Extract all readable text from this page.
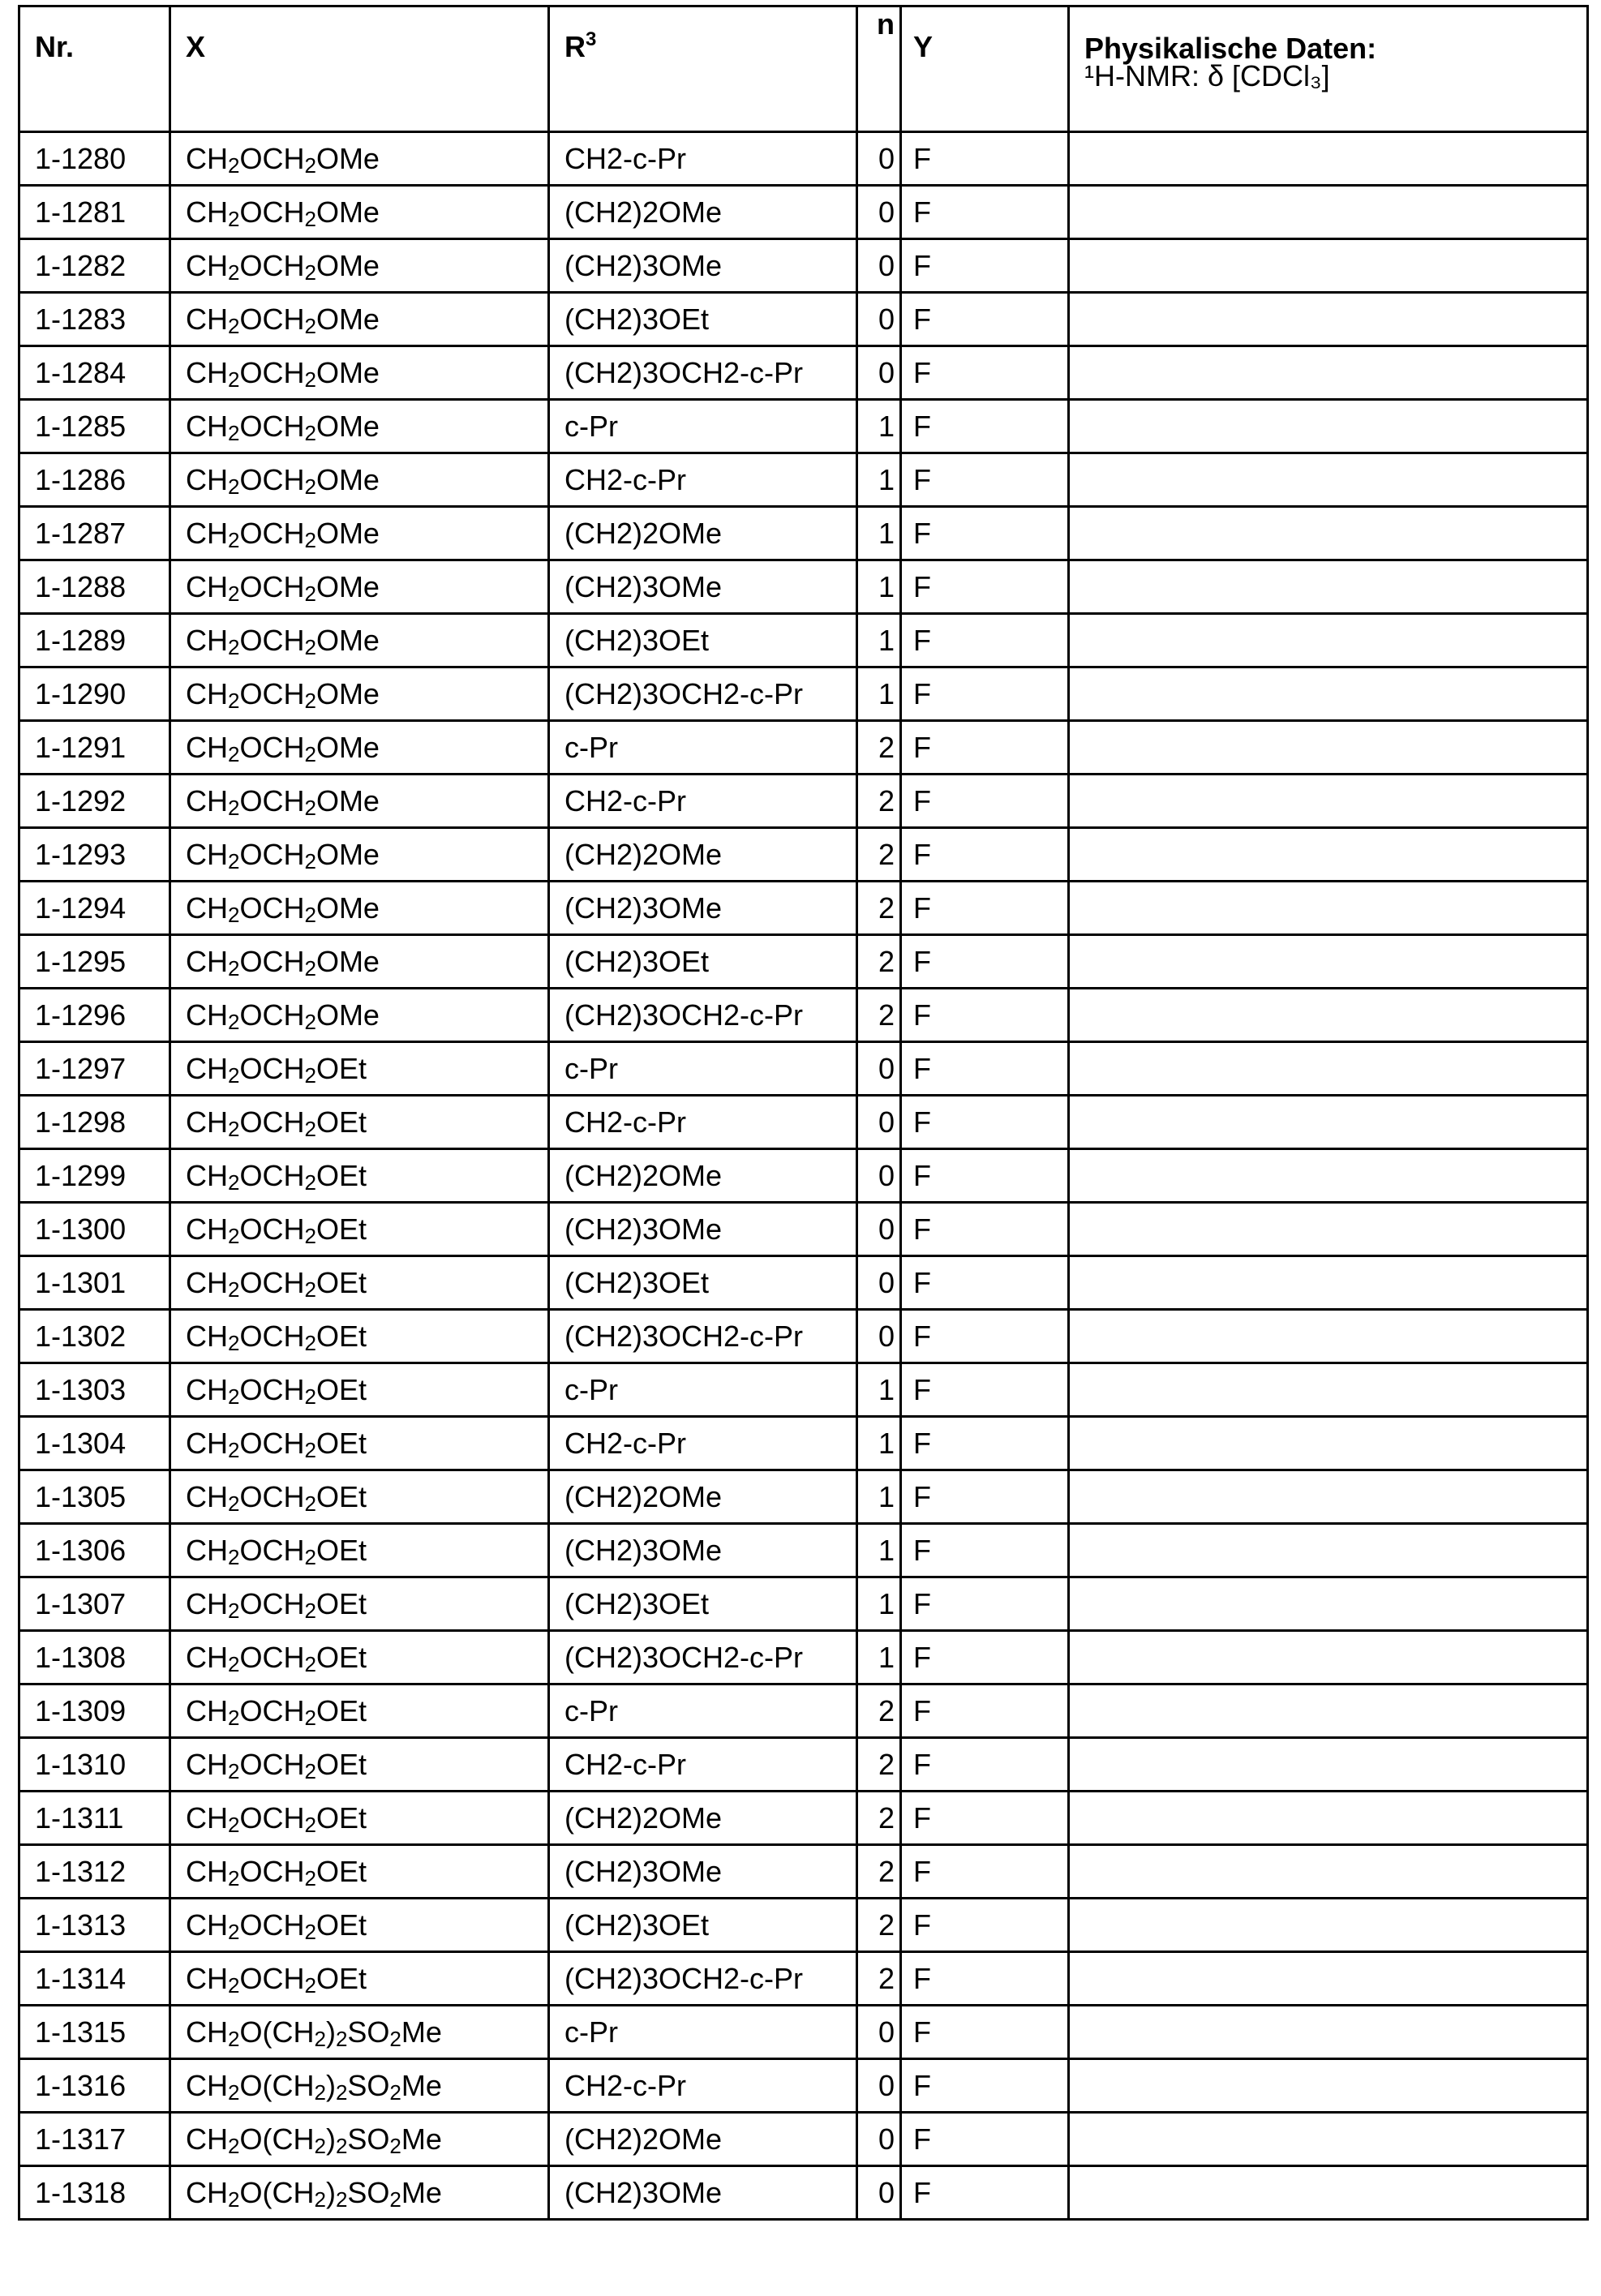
Nr.	X	R3	n	Y	Physikalische Daten:
¹H-NMR: δ [CDCl₃]

1-1280	CH2OCH2OMe	CH2-c-Pr	0	F	
1-1281	CH2OCH2OMe	(CH2)2OMe	0	F	
1-1282	CH2OCH2OMe	(CH2)3OMe	0	F	
1-1283	CH2OCH2OMe	(CH2)3OEt	0	F	
1-1284	CH2OCH2OMe	(CH2)3OCH2-c-Pr	0	F	
1-1285	CH2OCH2OMe	c-Pr	1	F	
1-1286	CH2OCH2OMe	CH2-c-Pr	1	F	
1-1287	CH2OCH2OMe	(CH2)2OMe	1	F	
1-1288	CH2OCH2OMe	(CH2)3OMe	1	F	
1-1289	CH2OCH2OMe	(CH2)3OEt	1	F	
1-1290	CH2OCH2OMe	(CH2)3OCH2-c-Pr	1	F	
1-1291	CH2OCH2OMe	c-Pr	2	F	
1-1292	CH2OCH2OMe	CH2-c-Pr	2	F	
1-1293	CH2OCH2OMe	(CH2)2OMe	2	F	
1-1294	CH2OCH2OMe	(CH2)3OMe	2	F	
1-1295	CH2OCH2OMe	(CH2)3OEt	2	F	
1-1296	CH2OCH2OMe	(CH2)3OCH2-c-Pr	2	F	
1-1297	CH2OCH2OEt	c-Pr	0	F	
1-1298	CH2OCH2OEt	CH2-c-Pr	0	F	
1-1299	CH2OCH2OEt	(CH2)2OMe	0	F	
1-1300	CH2OCH2OEt	(CH2)3OMe	0	F	
1-1301	CH2OCH2OEt	(CH2)3OEt	0	F	
1-1302	CH2OCH2OEt	(CH2)3OCH2-c-Pr	0	F	
1-1303	CH2OCH2OEt	c-Pr	1	F	
1-1304	CH2OCH2OEt	CH2-c-Pr	1	F	
1-1305	CH2OCH2OEt	(CH2)2OMe	1	F	
1-1306	CH2OCH2OEt	(CH2)3OMe	1	F	
1-1307	CH2OCH2OEt	(CH2)3OEt	1	F	
1-1308	CH2OCH2OEt	(CH2)3OCH2-c-Pr	1	F	
1-1309	CH2OCH2OEt	c-Pr	2	F	
1-1310	CH2OCH2OEt	CH2-c-Pr	2	F	
1-1311	CH2OCH2OEt	(CH2)2OMe	2	F	
1-1312	CH2OCH2OEt	(CH2)3OMe	2	F	
1-1313	CH2OCH2OEt	(CH2)3OEt	2	F	
1-1314	CH2OCH2OEt	(CH2)3OCH2-c-Pr	2	F	
1-1315	CH2O(CH2)2SO2Me	c-Pr	0	F	
1-1316	CH2O(CH2)2SO2Me	CH2-c-Pr	0	F	
1-1317	CH2O(CH2)2SO2Me	(CH2)2OMe	0	F	
1-1318	CH2O(CH2)2SO2Me	(CH2)3OMe	0	F	
